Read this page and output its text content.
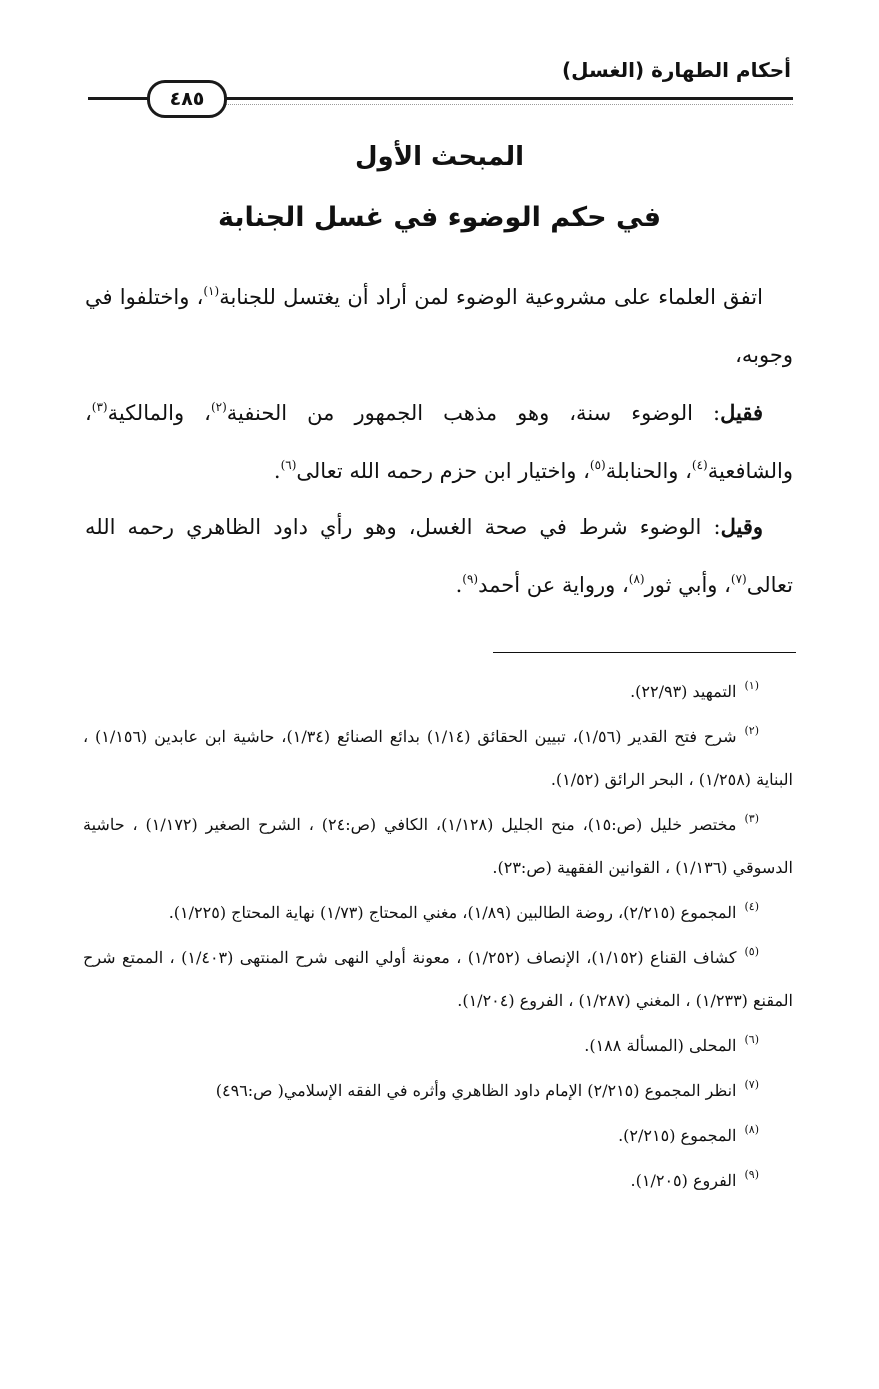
أحكام الطهارة (الغسل)
٤٨٥
المبحث الأول
في حكم الوضوء في غسل الجنابة
اتفق العلماء على مشروعية الوضوء لمن أراد أن يغتسل للجنابة$^{(١)}$، واختلفوا في وجوبه،
فقيل: الوضوء سنة، وهو مذهب الجمهور من الحنفية$^{(٢)}$، والمالكية$^{(٣)}$، والشافعية$^{(٤)}$، والحنابلة$^{(٥)}$، واختيار ابن حزم رحمه الله تعالى$^{(٦)}$.
وقيل: الوضوء شرط في صحة الغسل، وهو رأي داود الظاهري رحمه الله تعالى$^{(٧)}$، وأبي ثور$^{(٨)}$، ورواية عن أحمد$^{(٩)}$.
(١)التمهيد (٢٢/٩٣).
(٢)شرح فتح القدير (١/٥٦)، تبيين الحقائق (١/١٤) بدائع الصنائع (١/٣٤)، حاشية ابن عابدين (١/١٥٦) ، البناية (١/٢٥٨) ، البحر الرائق (١/٥٢).
(٣)مختصر خليل (ص:١٥)، منح الجليل (١/١٢٨)، الكافي (ص:٢٤) ، الشرح الصغير (١/١٧٢) ، حاشية الدسوقي (١/١٣٦) ، القوانين الفقهية (ص:٢٣).
(٤)المجموع (٢/٢١٥)، روضة الطالبين (١/٨٩)، مغني المحتاج (١/٧٣) نهاية المحتاج (١/٢٢٥).
(٥)كشاف القناع (١/١٥٢)، الإنصاف (١/٢٥٢) ، معونة أولي النهى شرح المنتهى (١/٤٠٣) ، الممتع شرح المقنع (١/٢٣٣) ، المغني (١/٢٨٧) ، الفروع (١/٢٠٤).
(٦)المحلى (المسألة ١٨٨).
(٧)انظر المجموع (٢/٢١٥) الإمام داود الظاهري وأثره في الفقه الإسلامي( ص:٤٩٦)
(٨)المجموع (٢/٢١٥).
(٩)الفروع (١/٢٠٥).
